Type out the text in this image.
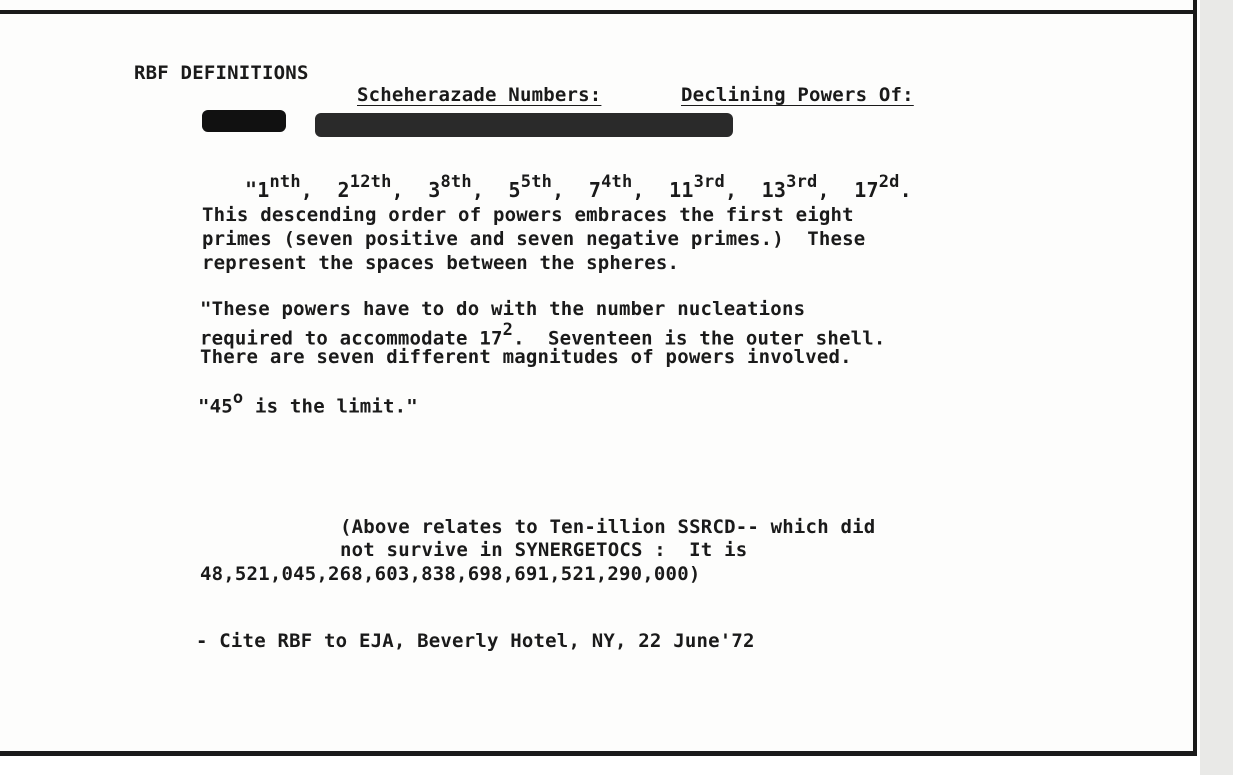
RBF DEFINITIONS
Scheherazade Numbers:	Declining Powers Of:

"$1^{nth}$, $2^{12th}$, $3^{8th}$, $5^{5th}$, $7^{4th}$, $11^{3rd}$, $13^{3rd}$, $17^{2d}$.

This descending order of powers embraces the first eight
primes (seven positive and seven negative primes.)  These
represent the spaces between the spheres.
"These powers have to do with the number nucleations
required to accommodate $17^2$.  Seventeen is the outer shell.
There are seven different magnitudes of powers involved.
"45$^o$ is the limit."
(Above relates to Ten-illion SSRCD-- which did
not survive in SYNERGETOCS :  It is
48,521,045,268,603,838,698,691,521,290,000)
- Cite RBF to EJA, Beverly Hotel, NY, 22 June'72
